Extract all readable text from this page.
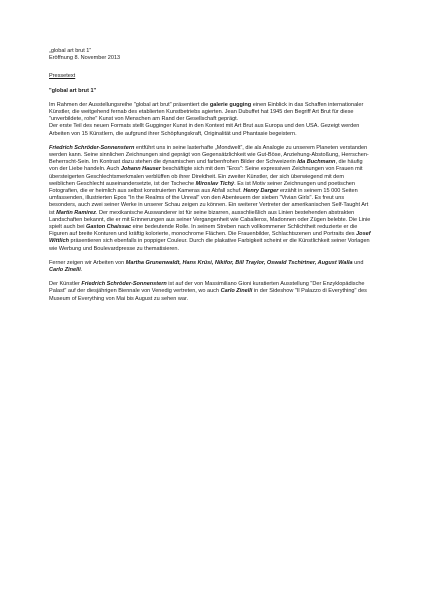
„global art brut 1“
Eröffnung 8. November 2013
Pressetext
"global art brut 1"

Im Rahmen der Ausstellungsreihe "global art brut" präsentiert die galerie gugging einen Einblick in das Schaffen internationaler Künstler, die weitgehend fernab des etablierten Kunstbetriebs agierten. Jean Dubuffet hat 1945 den Begriff Art Brut für diese "unverbildete, rohe" Kunst von Menschen am Rand der Gesellschaft geprägt.

Der erste Teil des neuen Formats stellt Gugginger Kunst in den Kontext mit Art Brut aus Europa und den USA. Gezeigt werden Arbeiten von 15 Künstlern, die aufgrund ihrer Schöpfungskraft, Originalität und Phantasie begeistern.

Friedrich Schröder-Sonnenstern entführt uns in seine lasterhafte „Mondwelt“, die als Analogie zu unserem Planeten verstanden werden kann. Seine sinnlichen Zeichnungen sind geprägt von Gegensätzlichkeit wie Gut-Böse, Anziehung-Abstoßung, Herrschen-Beherrscht-Sein. Im Kontrast dazu stehen die dynamischen und farbenfrohen Bilder der Schweizerin Ida Buchmann, die häufig von der Liebe handeln. Auch Johann Hauser beschäftigte sich mit dem "Eros": Seine expressiven Zeichnungen von Frauen mit übersteigerten Geschlechtsmerkmalen verblüffen ob ihrer Direktheit. Ein zweiter Künstler, der sich überwiegend mit dem weiblichen Geschlecht auseinandersetzte, ist der Tscheche Miroslav Tichý. Es ist Motiv seiner Zeichnungen und poetischen Fotografien, die er heimlich aus selbst konstruierten Kameras aus Abfall schuf. Henry Darger erzählt in seinem 15 000 Seiten umfassenden, illustrierten Epos "In the Realms of the Unreal" von den Abenteuern der sieben "Vivian Girls". Es freut uns besonders, auch zwei seiner Werke in unserer Schau zeigen zu können. Ein weiterer Vertreter der amerikanischen Self-Taught Art ist Martin Ramirez. Der mexikanische Auswanderer ist für seine bizarren, ausschließlich aus Linien bestehenden abstrakten Landschaften bekannt, die er mit Erinnerungen aus seiner Vergangenheit wie Caballeros, Madonnen oder Zügen belebte. Die Linie spielt auch bei Gaston Chaissac eine bedeutende Rolle. In seinem Streben nach vollkommener Schlichtheit reduzierte er die Figuren auf breite Konturen und kräftig kolorierte, monochrome Flächen. Die Frauenbilder, Schlachtszenen und Portraits des Josef Wittlich präsentieren sich ebenfalls in poppiger Couleur. Durch die plakative Farbigkeit scheint er die Künstlichkeit seiner Vorlagen wie Werbung und Boulevardpresse zu thematisieren.

Ferner zeigen wir Arbeiten von Martha Grunenwaldt, Hans Krüsi, Nikifor, Bill Traylor, Oswald Tschirtner, August Walla und Carlo Zinelli.

Der Künstler Friedrich Schröder-Sonnenstern ist auf der von Massimiliano Gioni kuratierten Ausstellung "Der Enzyklopädische Palast" auf der diesjährigen Biennale von Venedig vertreten, wo auch Carlo Zinelli in der Sideshow "Il Palazzo di Everything" des Museum of Everything von Mai bis August zu sehen war.
